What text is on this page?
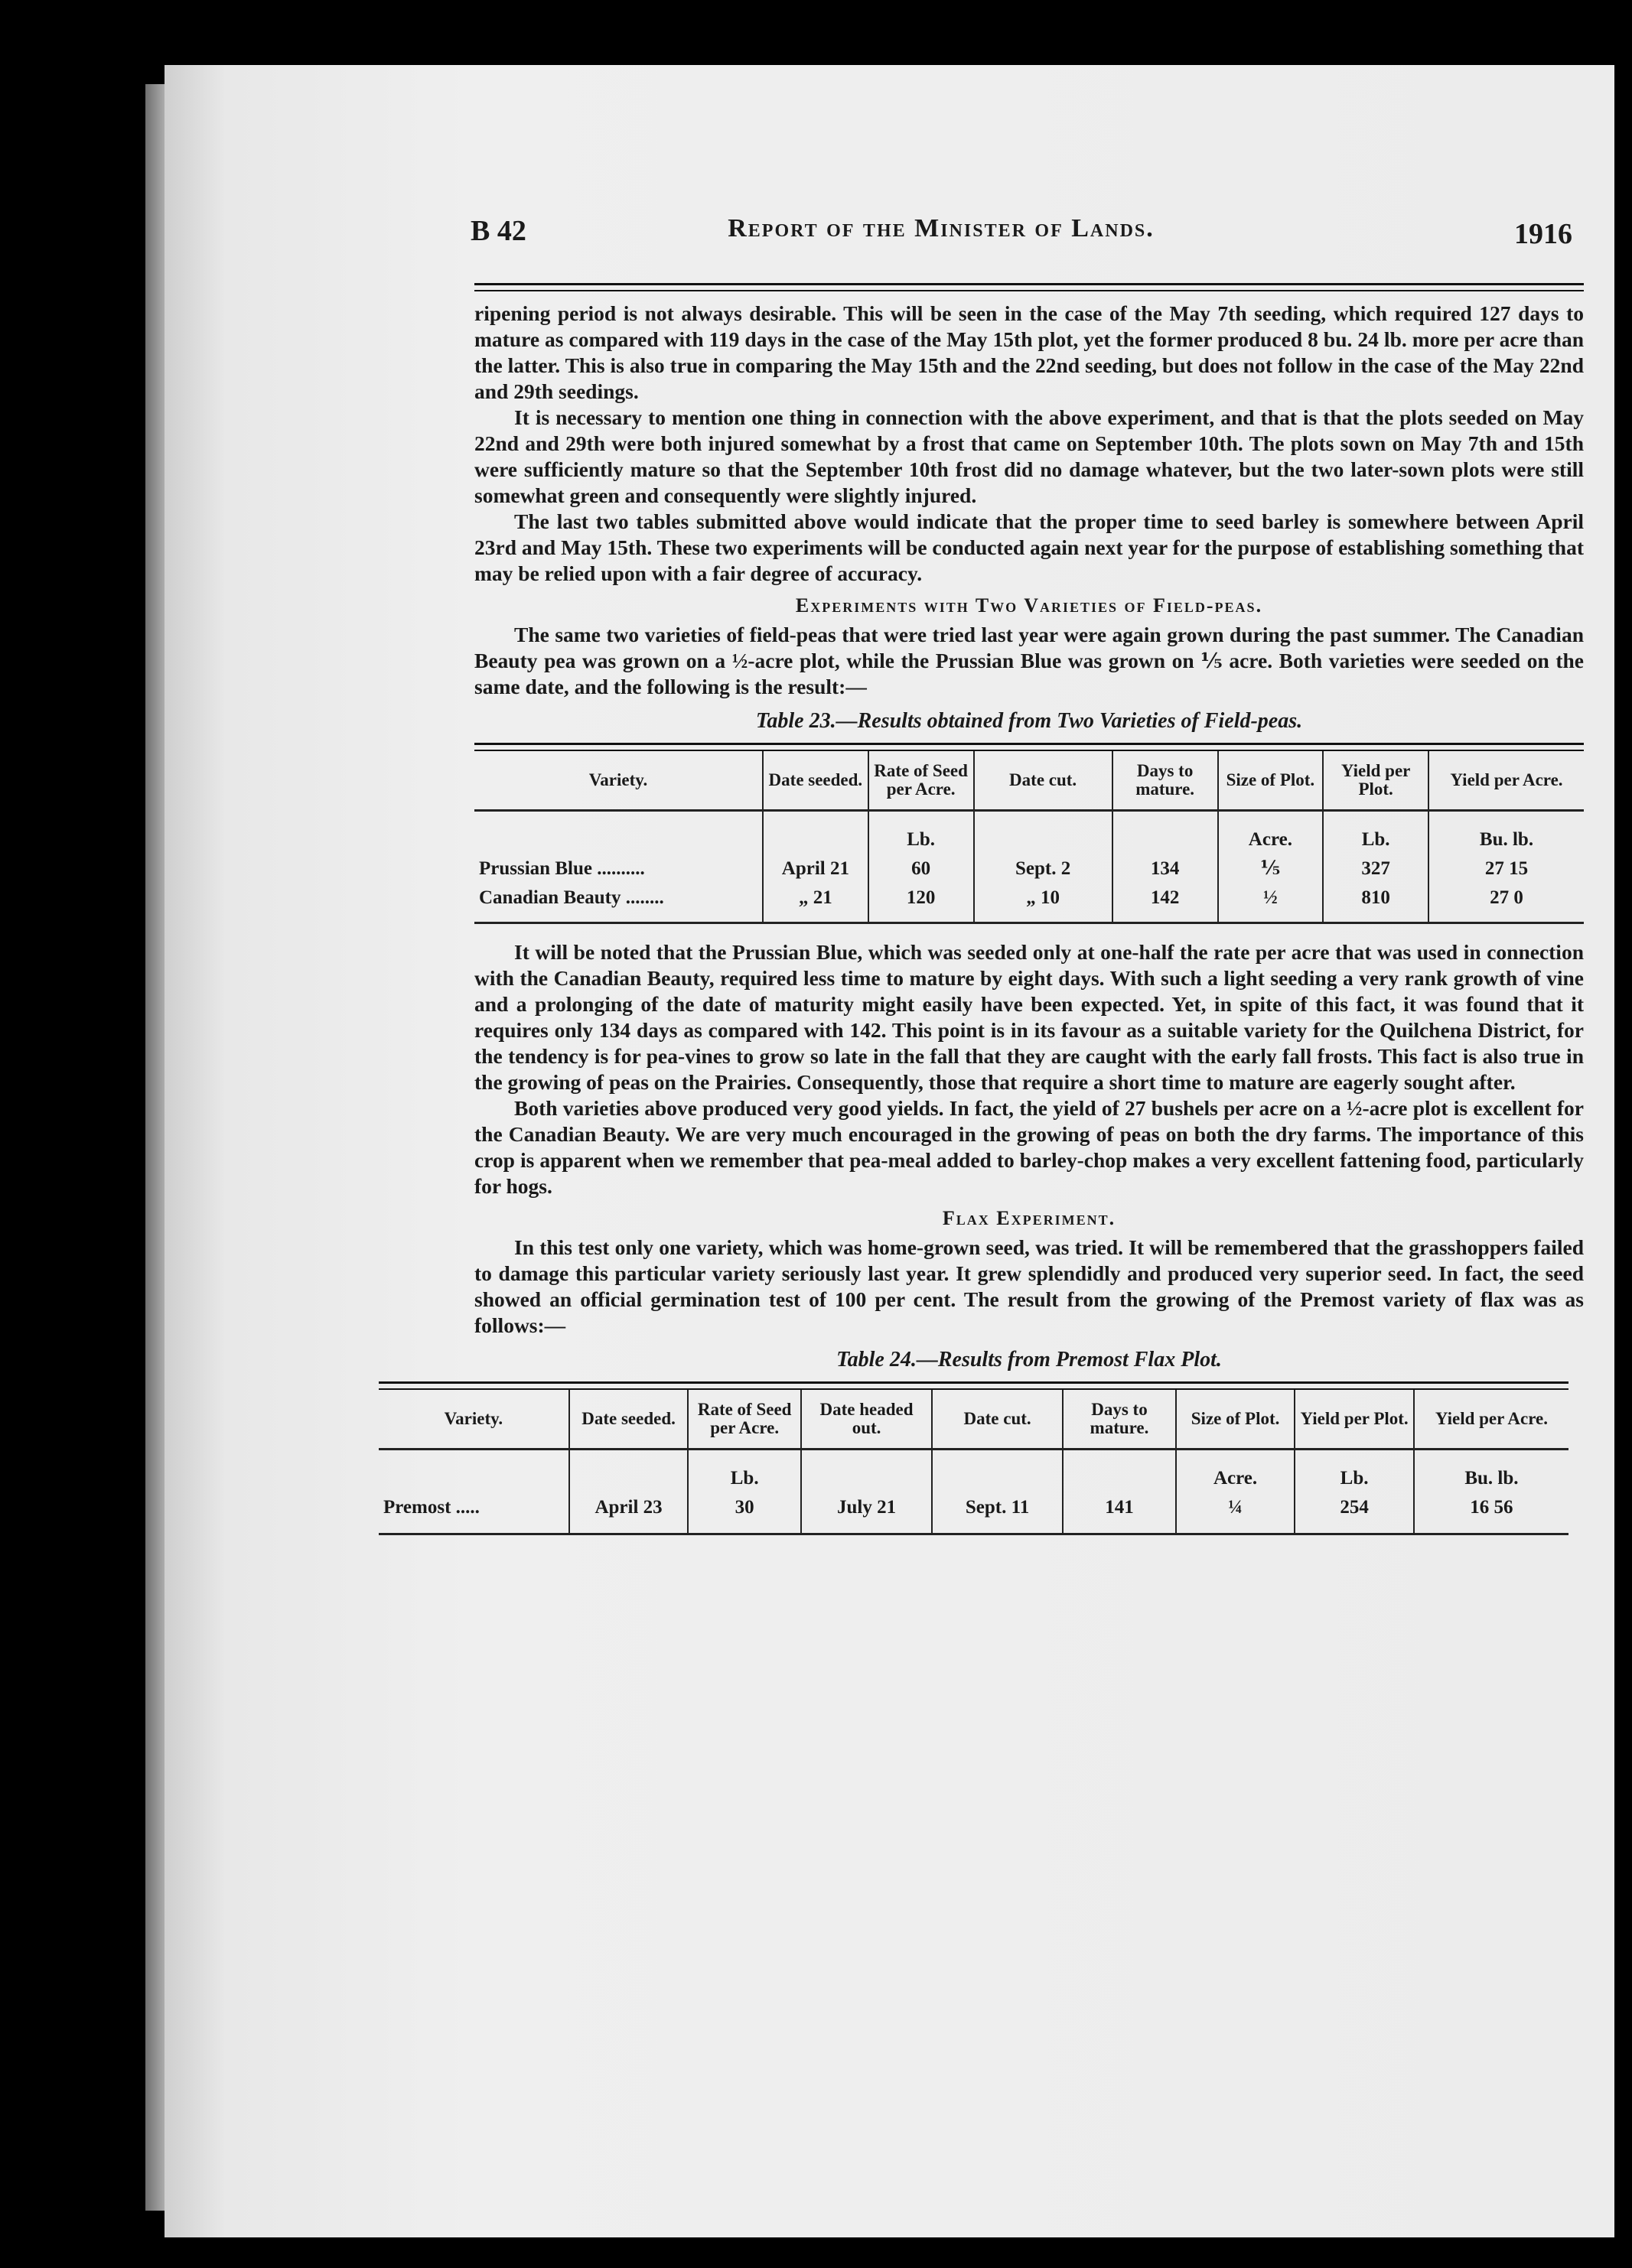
B 42	Report of the Minister of Lands.	1916

ripening period is not always desirable. This will be seen in the case of the May 7th seeding, which required 127 days to mature as compared with 119 days in the case of the May 15th plot, yet the former produced 8 bu. 24 lb. more per acre than the latter. This is also true in comparing the May 15th and the 22nd seeding, but does not follow in the case of the May 22nd and 29th seedings.

It is necessary to mention one thing in connection with the above experiment, and that is that the plots seeded on May 22nd and 29th were both injured somewhat by a frost that came on September 10th. The plots sown on May 7th and 15th were sufficiently mature so that the September 10th frost did no damage whatever, but the two later-sown plots were still somewhat green and consequently were slightly injured.

The last two tables submitted above would indicate that the proper time to seed barley is somewhere between April 23rd and May 15th. These two experiments will be conducted again next year for the purpose of establishing something that may be relied upon with a fair degree of accuracy.

Experiments with Two Varieties of Field-peas.

The same two varieties of field-peas that were tried last year were again grown during the past summer. The Canadian Beauty pea was grown on a ½-acre plot, while the Prussian Blue was grown on ⅕ acre. Both varieties were seeded on the same date, and the following is the result:—

Table 23.—Results obtained from Two Varieties of Field-peas.
Variety.	Date seeded.	Rate of Seed per Acre.	Date cut.	Days to mature.	Size of Plot.	Yield per Plot.	Yield per Acre.
		Lb.			Acre.	Lb.	Bu. lb.
Prussian Blue ..........	April 21	60	Sept. 2	134	⅕	327	27 15
Canadian Beauty ........	„ 21	120	„ 10	142	½	810	27 0

It will be noted that the Prussian Blue, which was seeded only at one-half the rate per acre that was used in connection with the Canadian Beauty, required less time to mature by eight days. With such a light seeding a very rank growth of vine and a prolonging of the date of maturity might easily have been expected. Yet, in spite of this fact, it was found that it requires only 134 days as compared with 142. This point is in its favour as a suitable variety for the Quilchena District, for the tendency is for pea-vines to grow so late in the fall that they are caught with the early fall frosts. This fact is also true in the growing of peas on the Prairies. Consequently, those that require a short time to mature are eagerly sought after.

Both varieties above produced very good yields. In fact, the yield of 27 bushels per acre on a ½-acre plot is excellent for the Canadian Beauty. We are very much encouraged in the growing of peas on both the dry farms. The importance of this crop is apparent when we remember that pea-meal added to barley-chop makes a very excellent fattening food, particularly for hogs.

Flax Experiment.

In this test only one variety, which was home-grown seed, was tried. It will be remembered that the grasshoppers failed to damage this particular variety seriously last year. It grew splendidly and produced very superior seed. In fact, the seed showed an official germination test of 100 per cent. The result from the growing of the Premost variety of flax was as follows:—

Table 24.—Results from Premost Flax Plot.
Variety.	Date seeded.	Rate of Seed per Acre.	Date headed out.	Date cut.	Days to mature.	Size of Plot.	Yield per Plot.	Yield per Acre.
		Lb.				Acre.	Lb.	Bu. lb.
Premost .....	April 23	30	July 21	Sept. 11	141	¼	254	16 56
